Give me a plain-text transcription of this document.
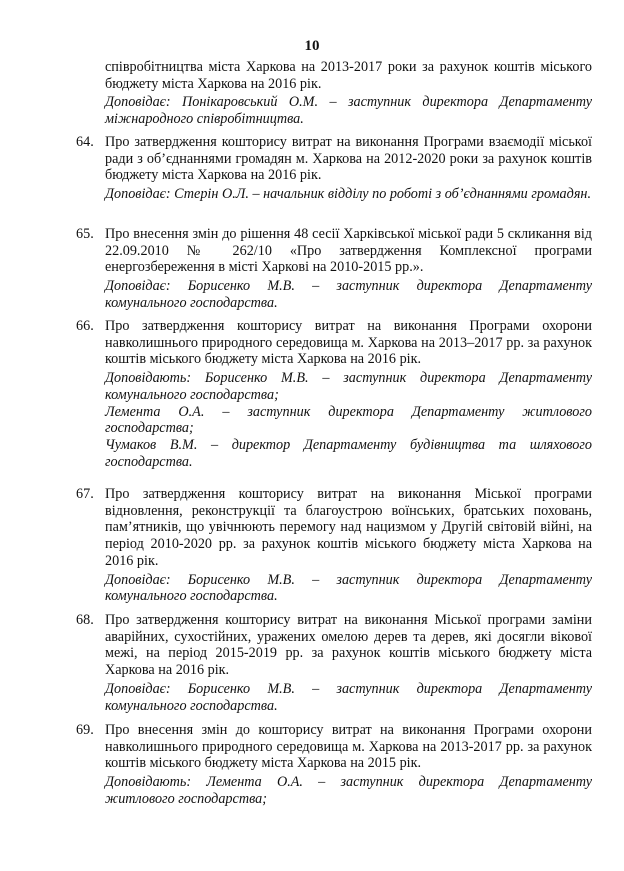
10
співробітництва міста Харкова на 2013-2017 роки за рахунок коштів міського бюджету міста Харкова на 2016 рік.
Доповідає: Понікаровський О.М. – заступник директора Департаменту міжнародного співробітництва.
64. Про затвердження кошторису витрат на виконання Програми взаємодії міської ради з об’єднаннями громадян м. Харкова на 2012-2020 роки за рахунок коштів бюджету міста Харкова на 2016 рік.
Доповідає: Стерін О.Л. – начальник відділу по роботі з об’єднаннями громадян.
65. Про внесення змін до рішення 48 сесії Харківської міської ради 5 скликання від 22.09.2010 № 262/10 «Про затвердження Комплексної програми енергозбереження в місті Харкові на 2010-2015 рр.».
Доповідає: Борисенко М.В. – заступник директора Департаменту комунального господарства.
66. Про затвердження кошторису витрат на виконання Програми охорони навколишнього природного середовища м. Харкова на 2013–2017 рр. за рахунок коштів міського бюджету міста Харкова на 2016 рік.
Доповідають: Борисенко М.В. – заступник директора Департаменту комунального господарства;
Лемента О.А. – заступник директора Департаменту житлового господарства;
Чумаков В.М. – директор Департаменту будівництва та шляхового господарства.
67. Про затвердження кошторису витрат на виконання Міської програми відновлення, реконструкції та благоустрою воїнських, братських поховань, пам’ятників, що увічнюють перемогу над нацизмом у Другій світовій війні, на період 2010-2020 рр. за рахунок коштів міського бюджету міста Харкова на 2016 рік.
Доповідає: Борисенко М.В. – заступник директора Департаменту комунального господарства.
68. Про затвердження кошторису витрат на виконання Міської програми заміни аварійних, сухостійних, уражених омелою дерев та дерев, які досягли вікової межі, на період 2015-2019 рр. за рахунок коштів міського бюджету міста Харкова на 2016 рік.
Доповідає: Борисенко М.В. – заступник директора Департаменту комунального господарства.
69. Про внесення змін до кошторису витрат на виконання Програми охорони навколишнього природного середовища м. Харкова на 2013-2017 рр. за рахунок коштів міського бюджету міста Харкова на 2015 рік.
Доповідають: Лемента О.А. – заступник директора Департаменту житлового господарства;
